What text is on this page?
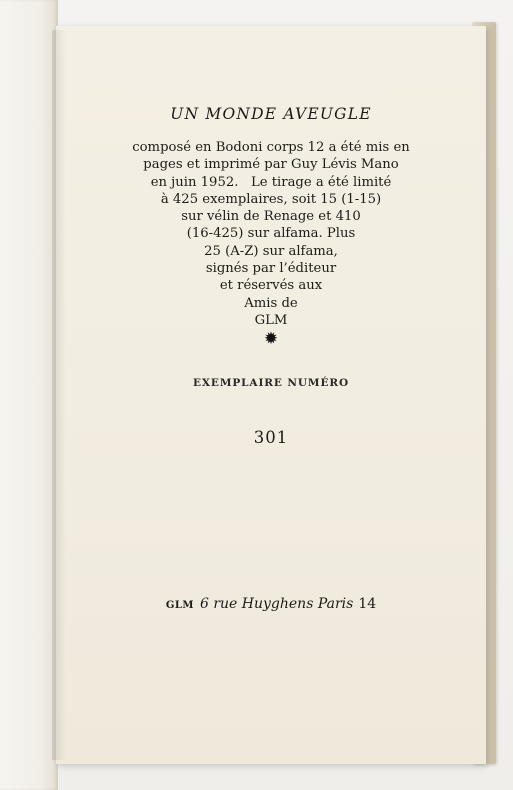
UN MONDE AVEUGLE
composé en Bodoni corps 12 a été mis en
pages et imprimé par Guy Lévis Mano
en juin 1952.   Le tirage a été limité
à 425 exemplaires, soit 15 (1-15)
sur vélin de Renage et 410
(16-425) sur alfama. Plus
25 (A-Z) sur alfama,
signés par l’éditeur
et réservés aux
Amis de
GLM
✹
EXEMPLAIRE NUMÉRO
301
GLM 6 rue Huyghens Paris 14
